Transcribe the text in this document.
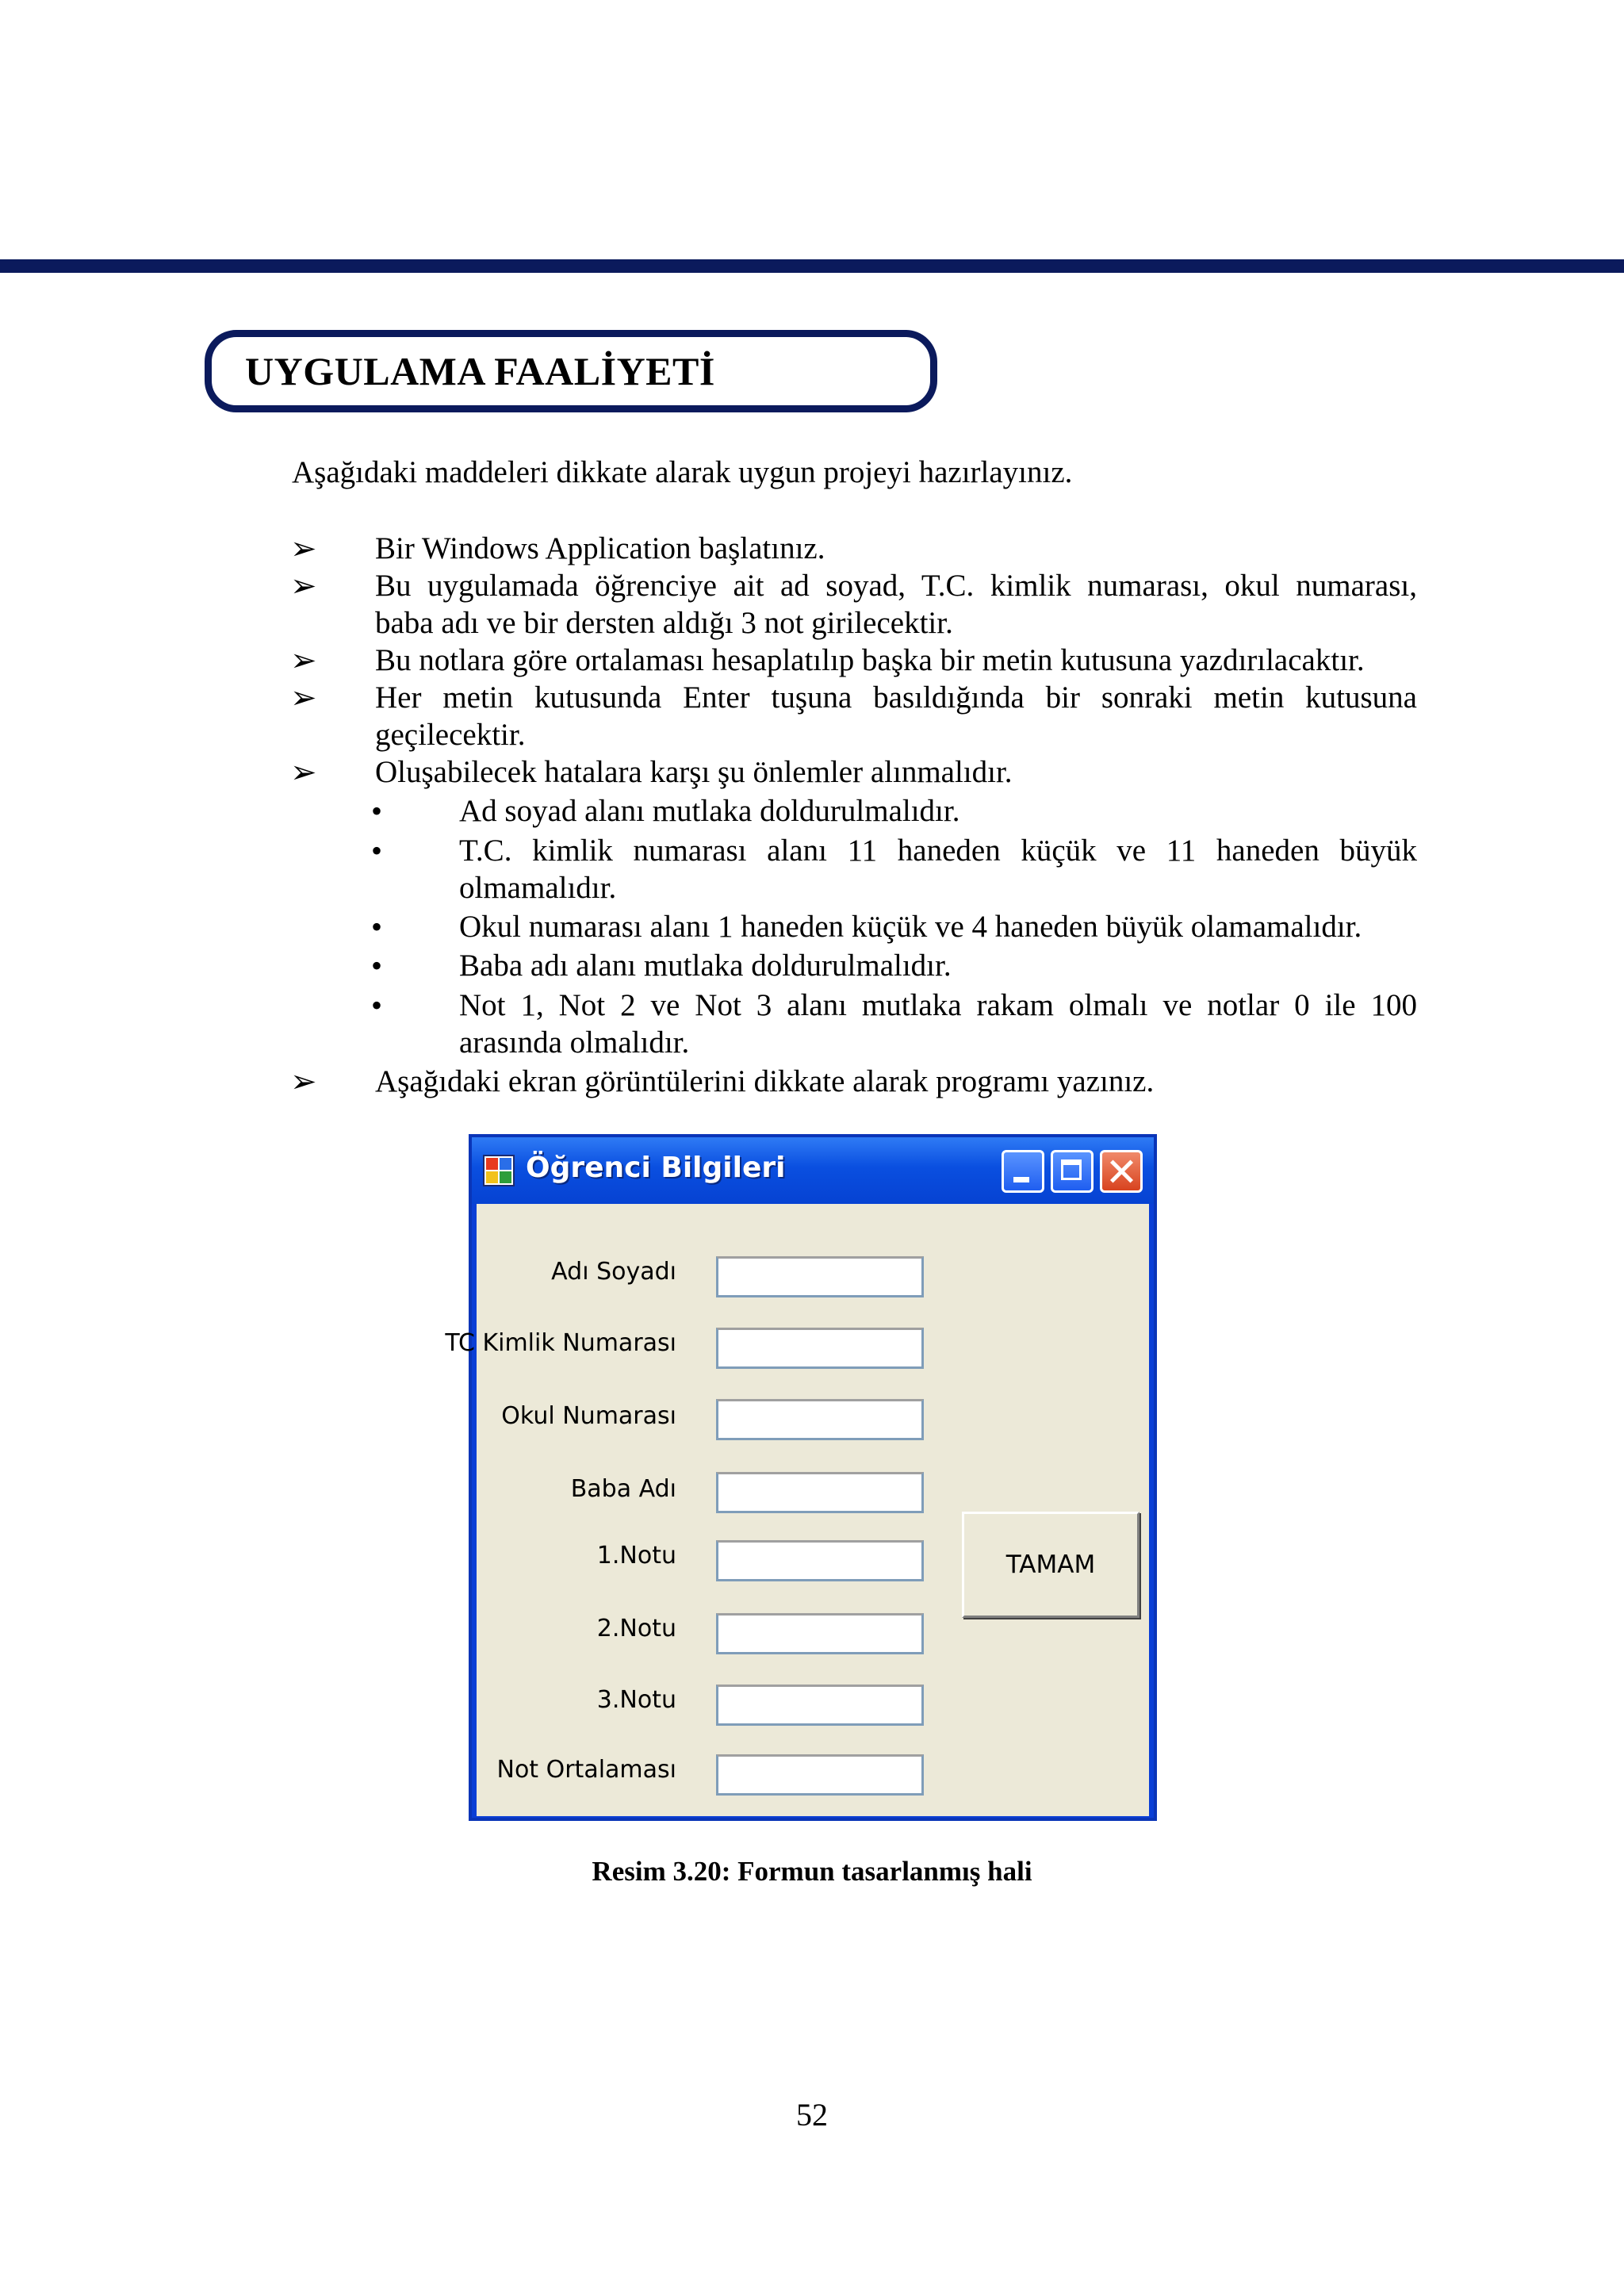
UYGULAMA FAALİYETİ
Aşağıdaki maddeleri dikkate alarak uygun projeyi hazırlayınız.
➢ Bir Windows Application başlatınız.
➢ Bu uygulamada öğrenciye ait ad soyad, T.C. kimlik numarası, okul numarası,
baba adı ve bir dersten aldığı 3 not girilecektir.
➢ Bu notlara göre ortalaması hesaplatılıp başka bir metin kutusuna yazdırılacaktır.
➢ Her metin kutusunda Enter tuşuna basıldığında bir sonraki metin kutusuna
geçilecektir.
➢ Oluşabilecek hatalara karşı şu önlemler alınmalıdır.
• Ad soyad alanı mutlaka doldurulmalıdır.
• T.C. kimlik numarası alanı 11 haneden küçük ve 11 haneden büyük
olmamalıdır.
• Okul numarası alanı 1 haneden küçük ve 4 haneden büyük olamamalıdır.
• Baba adı alanı mutlaka doldurulmalıdır.
• Not 1, Not 2 ve Not 3 alanı mutlaka rakam olmalı ve notlar 0 ile 100
arasında olmalıdır.
➢ Aşağıdaki ekran görüntülerini dikkate alarak programı yazınız.
Öğrenci Bilgileri
Adı Soyadı
TC Kimlik Numarası
Okul Numarası
Baba Adı
1.Notu
2.Notu
3.Notu
Not Ortalaması
TAMAM
Resim 3.20: Formun tasarlanmış hali
52
